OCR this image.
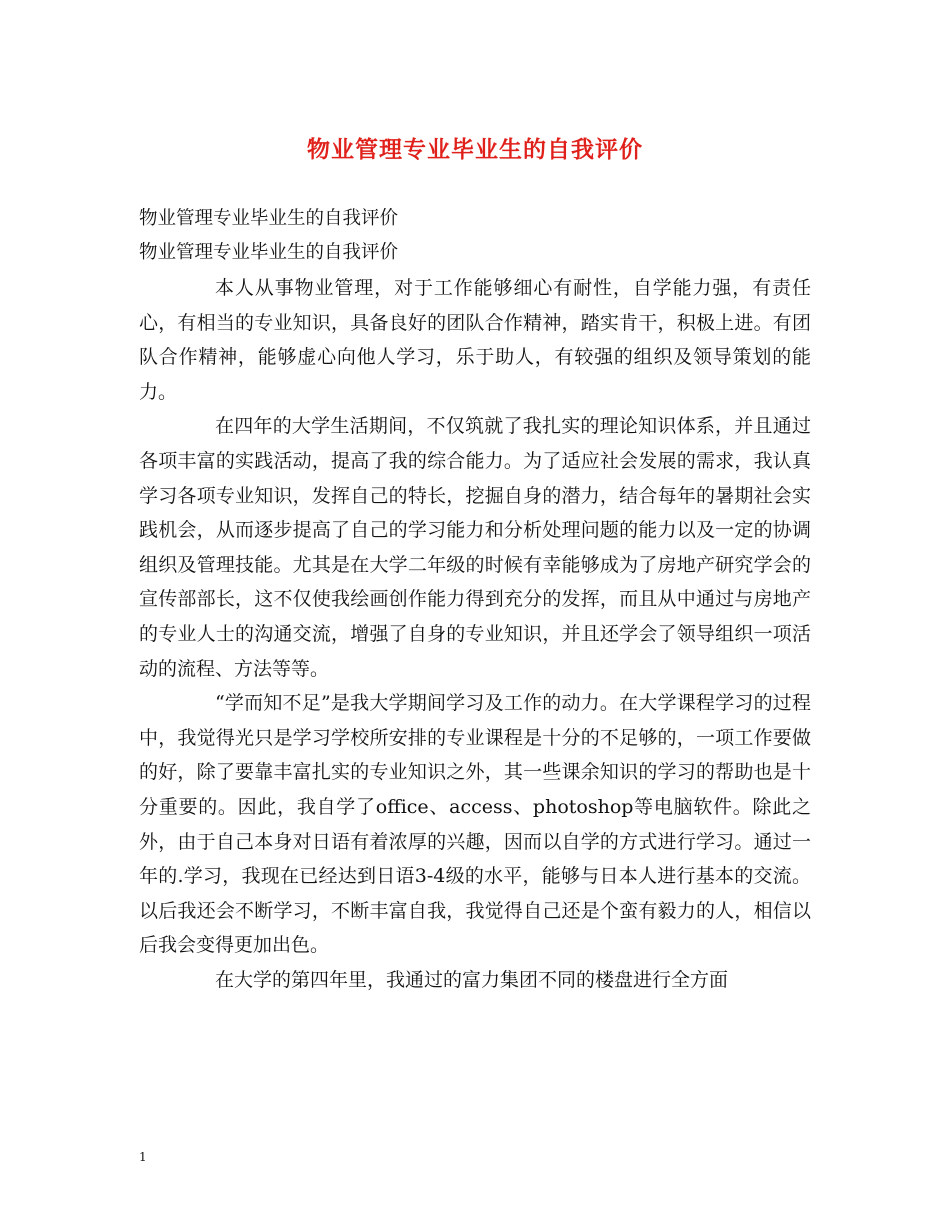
物业管理专业毕业生的自我评价
物业管理专业毕业生的自我评价
物业管理专业毕业生的自我评价

本人从事物业管理，对于工作能够细心有耐性，自学能力强，有责任心，有相当的专业知识，具备良好的团队合作精神，踏实肯干，积极上进。有团队合作精神，能够虚心向他人学习，乐于助人，有较强的组织及领导策划的能力。

在四年的大学生活期间，不仅筑就了我扎实的理论知识体系，并且通过各项丰富的实践活动，提高了我的综合能力。为了适应社会发展的需求，我认真学习各项专业知识，发挥自己的特长，挖掘自身的潜力，结合每年的暑期社会实践机会，从而逐步提高了自己的学习能力和分析处理问题的能力以及一定的协调组织及管理技能。尤其是在大学二年级的时候有幸能够成为了房地产研究学会的宣传部部长，这不仅使我绘画创作能力得到充分的发挥，而且从中通过与房地产的专业人士的沟通交流，增强了自身的专业知识，并且还学会了领导组织一项活动的流程、方法等等。

“学而知不足”是我大学期间学习及工作的动力。在大学课程学习的过程中，我觉得光只是学习学校所安排的专业课程是十分的不足够的，一项工作要做的好，除了要靠丰富扎实的专业知识之外，其一些课余知识的学习的帮助也是十分重要的。因此，我自学了office、access、photoshop等电脑软件。除此之外，由于自己本身对日语有着浓厚的兴趣，因而以自学的方式进行学习。通过一年的.学习，我现在已经达到日语3-4级的水平，能够与日本人进行基本的交流。以后我还会不断学习，不断丰富自我，我觉得自己还是个蛮有毅力的人，相信以后我会变得更加出色。

在大学的第四年里，我通过的富力集团不同的楼盘进行全方面

1
